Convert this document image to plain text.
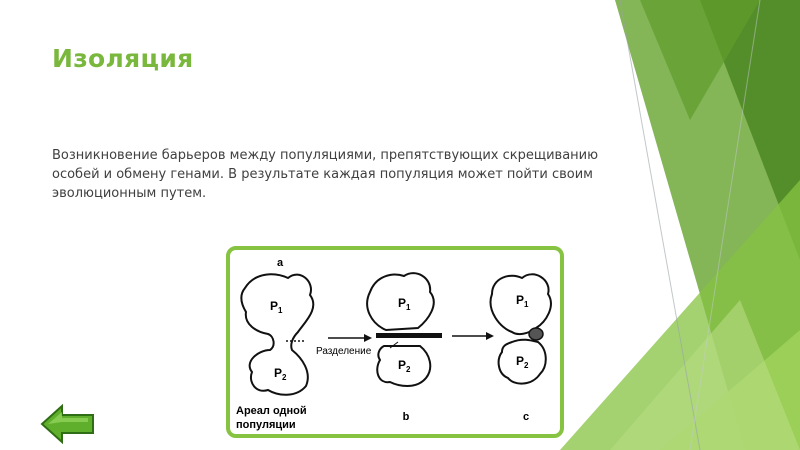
Изоляция
Возникновение барьеров между популяциями, препятствующих скрещиванию особей и обмену генами. В результате каждая популяция может пойти своим эволюционным путем.
a
$P_1$
$P_2$
Разделение
$P_1$
$P_2$
$P_1$
$P_2$
Ареал одной
популяции
b	c
